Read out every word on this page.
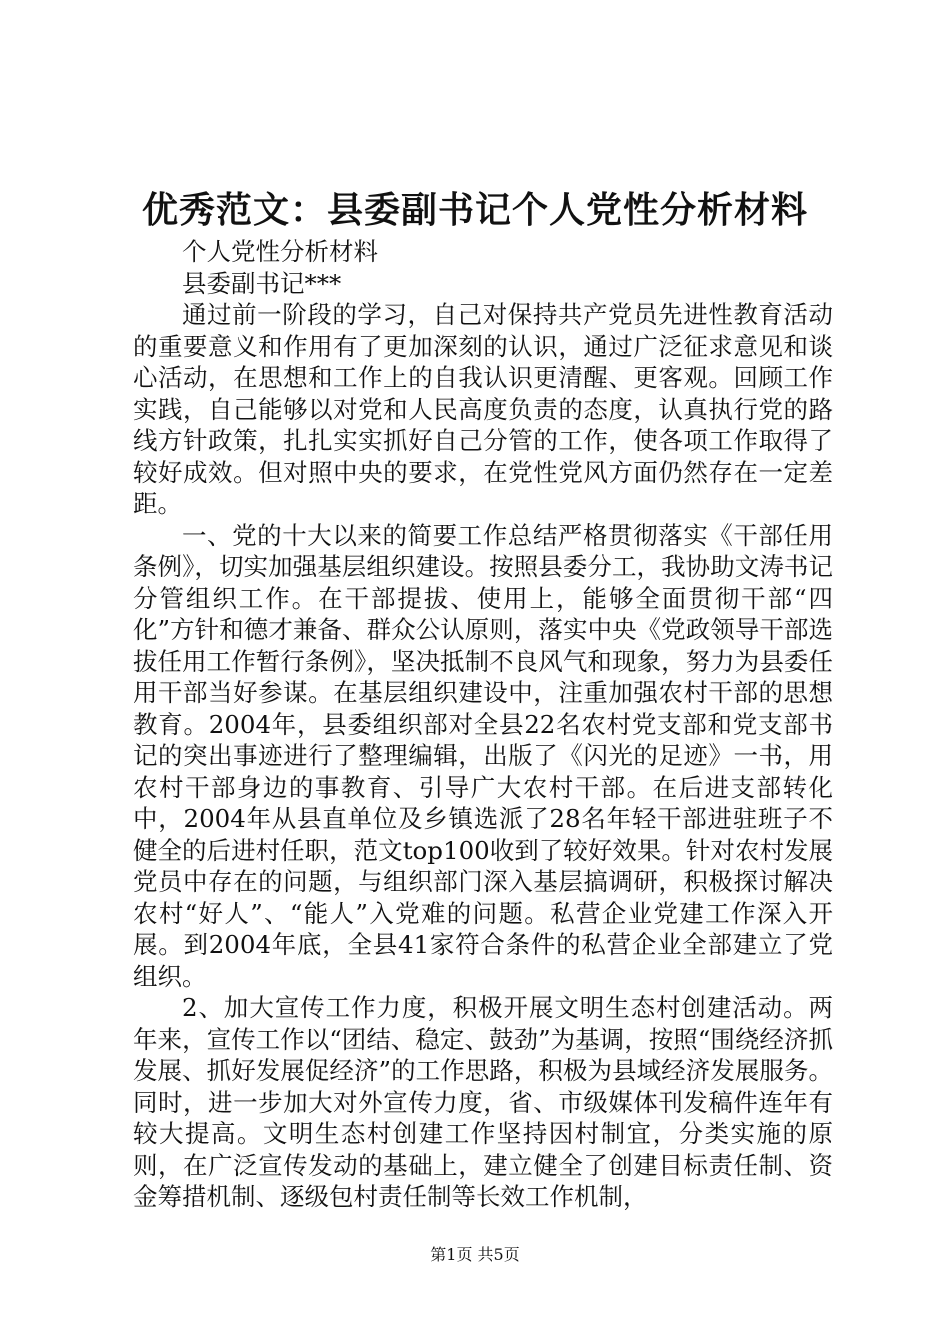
优秀范文：县委副书记个人党性分析材料

个人党性分析材料

县委副书记***

通过前一阶段的学习，自己对保持共产党员先进性教育活动的重要意义和作用有了更加深刻的认识，通过广泛征求意见和谈心活动，在思想和工作上的自我认识更清醒、更客观。回顾工作实践，自己能够以对党和人民高度负责的态度，认真执行党的路线方针政策，扎扎实实抓好自己分管的工作，使各项工作取得了较好成效。但对照中央的要求，在党性党风方面仍然存在一定差距。

一、党的十大以来的简要工作总结严格贯彻落实《干部任用条例》，切实加强基层组织建设。按照县委分工，我协助文涛书记分管组织工作。在干部提拔、使用上，能够全面贯彻干部“四化”方针和德才兼备、群众公认原则，落实中央《党政领导干部选拔任用工作暂行条例》，坚决抵制不良风气和现象，努力为县委任用干部当好参谋。在基层组织建设中，注重加强农村干部的思想教育。2004年，县委组织部对全县22名农村党支部和党支部书记的突出事迹进行了整理编辑，出版了《闪光的足迹》一书，用农村干部身边的事教育、引导广大农村干部。在后进支部转化中，2004年从县直单位及乡镇选派了28名年轻干部进驻班子不健全的后进村任职，范文top100收到了较好效果。针对农村发展党员中存在的问题，与组织部门深入基层搞调研，积极探讨解决农村“好人”、“能人”入党难的问题。私营企业党建工作深入开展。到2004年底，全县41家符合条件的私营企业全部建立了党组织。

2、加大宣传工作力度，积极开展文明生态村创建活动。两年来，宣传工作以“团结、稳定、鼓劲”为基调，按照“围绕经济抓发展、抓好发展促经济”的工作思路，积极为县域经济发展服务。同时，进一步加大对外宣传力度，省、市级媒体刊发稿件连年有较大提高。文明生态村创建工作坚持因村制宜，分类实施的原则，在广泛宣传发动的基础上，建立健全了创建目标责任制、资金筹措机制、逐级包村责任制等长效工作机制，

第1页 共5页
